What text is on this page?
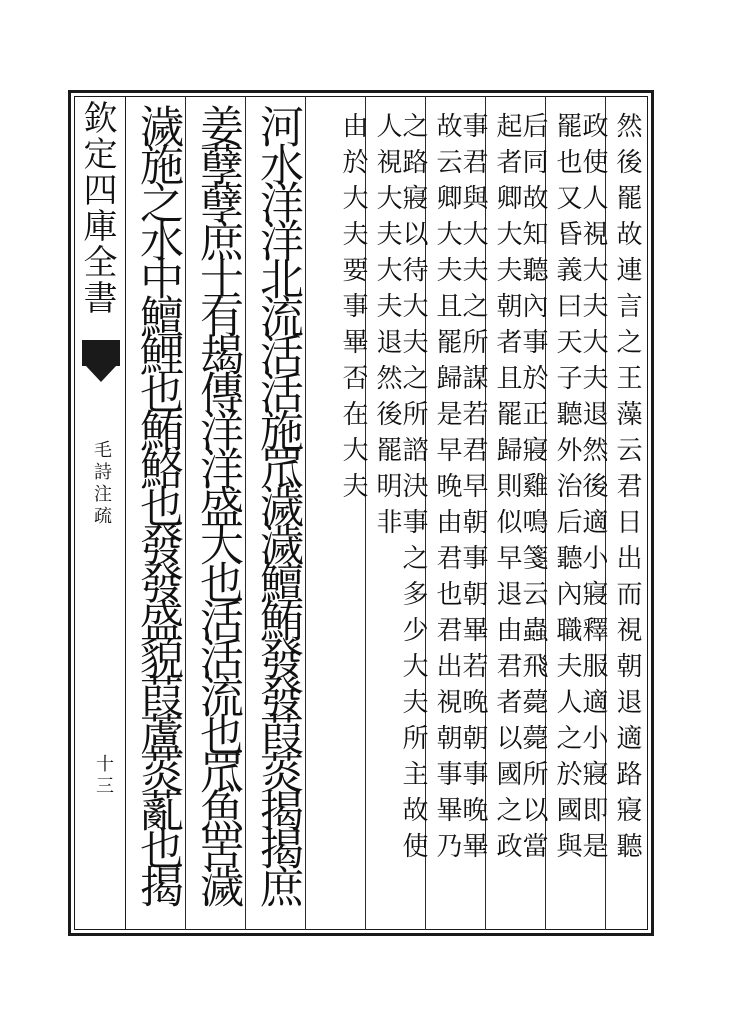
欽定四庫全書
毛詩注疏
十三	然後罷故連言之王藻云君日出而視朝退適路寢聽
政使人視大夫大夫退然後適小寢釋服適小寢即是
罷也又昏義曰天子聽外治后聽內職夫人之於國與
后同故知聽內事於正寢雞鳴箋云蟲飛薨薨所以當
起者卿大夫朝者且罷歸則似早退由君者以國之政
事君與大夫之所謀若君早朝事朝畢若晚朝事晚畢
故云卿大夫且罷歸是早晚由君也君出視朝事畢乃
之路寢以待大夫之所諮決事之多少大夫所主故使
人視大夫大夫退然後罷明非
由於大夫要事畢否在大夫
河水洋洋北流活活施罛濊濊鱣鮪發發葭菼揭揭庶
姜孽孽庶士有朅傳洋洋盛大也活活流也罛魚罟濊
濊施之水中鱣鯉也鮪鮥也發發盛貌葭蘆菼薍也揭
